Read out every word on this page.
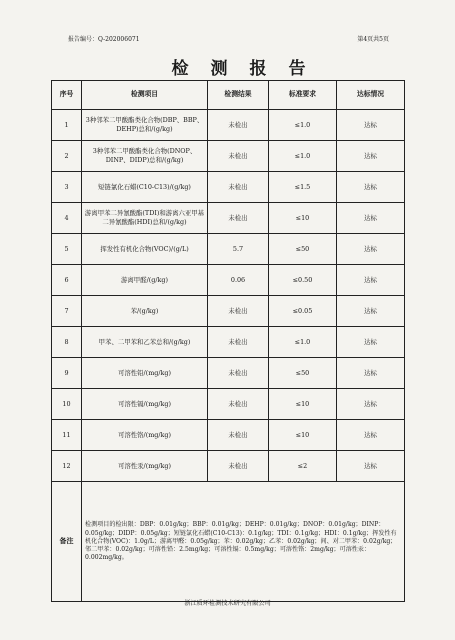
报告编号：Q-202006071	第4页共5页
检测报告
序号	检测项目	检测结果	标准要求	达标情况
1	3种邻苯二甲酸酯类化合物(DBP、BBP、DEHP)总和/(g/kg)	未检出	≤1.0	达标
2	3种邻苯二甲酸酯类化合物(DNOP、DINP、DIDP)总和/(g/kg)	未检出	≤1.0	达标
3	短链氯化石蜡(C10-C13)/(g/kg)	未检出	≤1.5	达标
4	游离甲苯二异氰酸酯(TDI)和游离六亚甲基二异氰酸酯(HDI)总和/(g/kg)	未检出	≤10	达标
5	挥发性有机化合物(VOC)/(g/L)	5.7	≤50	达标
6	游离甲醛/(g/kg)	0.06	≤0.50	达标
7	苯/(g/kg)	未检出	≤0.05	达标
8	甲苯、二甲苯和乙苯总和/(g/kg)	未检出	≤1.0	达标
9	可溶性铅/(mg/kg)	未检出	≤50	达标
10	可溶性镉/(mg/kg)	未检出	≤10	达标
11	可溶性铬/(mg/kg)	未检出	≤10	达标
12	可溶性汞/(mg/kg)	未检出	≤2	达标
备注	检测项目的检出限：DBP：0.01g/kg；BBP：0.01g/kg；DEHP：0.01g/kg；DNOP：0.01g/kg；DINP：0.05g/kg；DIDP：0.05g/kg；短链氯化石蜡(C10-C13)：0.1g/kg；TDI：0.1g/kg；HDI：0.1g/kg；挥发性有机化合物(VOC)：1.0g/L；游离甲醛：0.05g/kg；苯：0.02g/kg；乙苯：0.02g/kg；间、对二甲苯：0.02g/kg；邻二甲苯：0.02g/kg；可溶性铅：2.5mg/kg；可溶性镉：0.5mg/kg；可溶性铬：2mg/kg；可溶性汞：0.002mg/kg。			
浙江质环检测技术研究有限公司
